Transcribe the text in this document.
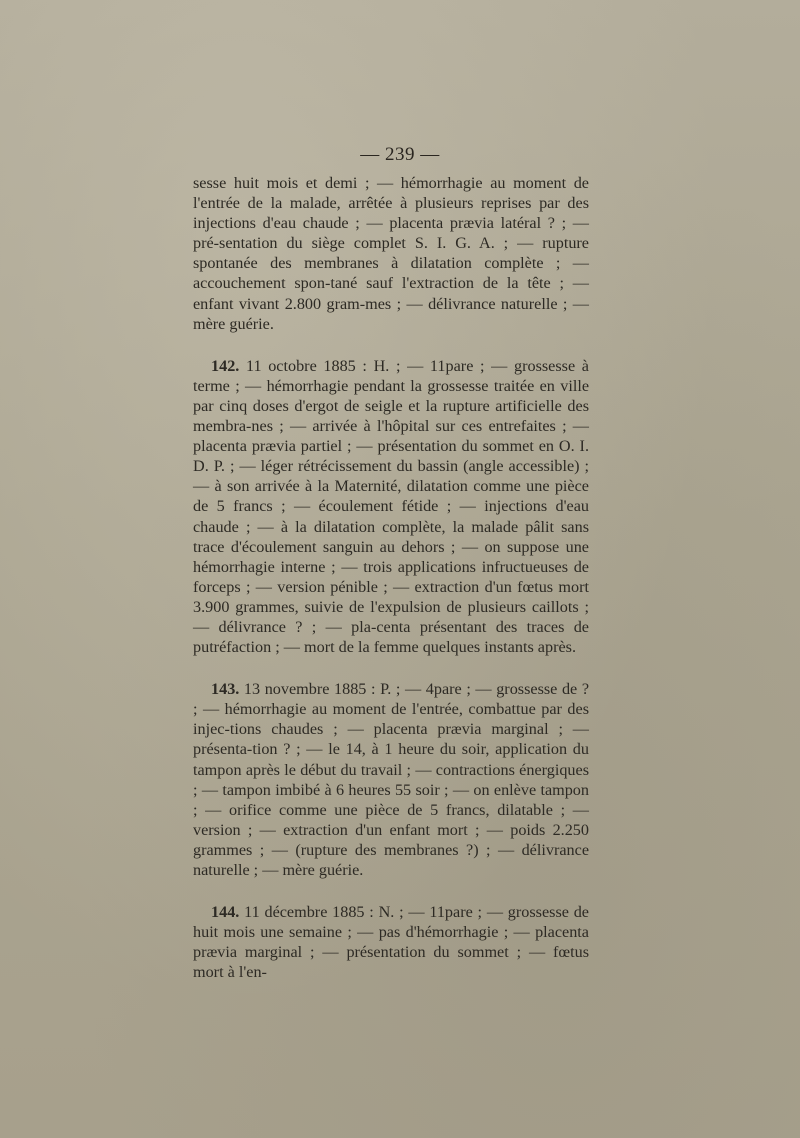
— 239 —

sesse huit mois et demi ; — hémorrhagie au moment de l'entrée de la malade, arrêtée à plusieurs reprises par des injections d'eau chaude ; — placenta prævia latéral ? ; — pré-sentation du siège complet S. I. G. A. ; — rupture spontanée des membranes à dilatation complète ; — accouchement spon-tané sauf l'extraction de la tête ; — enfant vivant 2.800 gram-mes ; — délivrance naturelle ; — mère guérie.

142. 11 octobre 1885 : H. ; — 11pare ; — grossesse à terme ; — hémorrhagie pendant la grossesse traitée en ville par cinq doses d'ergot de seigle et la rupture artificielle des membra-nes ; — arrivée à l'hôpital sur ces entrefaites ; — placenta prævia partiel ; — présentation du sommet en O. I. D. P. ; — léger rétrécissement du bassin (angle accessible) ; — à son arrivée à la Maternité, dilatation comme une pièce de 5 francs ; — écoulement fétide ; — injections d'eau chaude ; — à la dilatation complète, la malade pâlit sans trace d'écoulement sanguin au dehors ; — on suppose une hémorrhagie interne ; — trois applications infructueuses de forceps ; — version pénible ; — extraction d'un fœtus mort 3.900 grammes, suivie de l'expulsion de plusieurs caillots ; — délivrance ? ; — pla-centa présentant des traces de putréfaction ; — mort de la femme quelques instants après.

143. 13 novembre 1885 : P. ; — 4pare ; — grossesse de ? ; — hémorrhagie au moment de l'entrée, combattue par des injec-tions chaudes ; — placenta prævia marginal ; — présenta-tion ? ; — le 14, à 1 heure du soir, application du tampon après le début du travail ; — contractions énergiques ; — tampon imbibé à 6 heures 55 soir ; — on enlève tampon ; — orifice comme une pièce de 5 francs, dilatable ; — version ; — extraction d'un enfant mort ; — poids 2.250 grammes ; — (rupture des membranes ?) ; — délivrance naturelle ; — mère guérie.

144. 11 décembre 1885 : N. ; — 11pare ; — grossesse de huit mois une semaine ; — pas d'hémorrhagie ; — placenta prævia marginal ; — présentation du sommet ; — fœtus mort à l'en-
